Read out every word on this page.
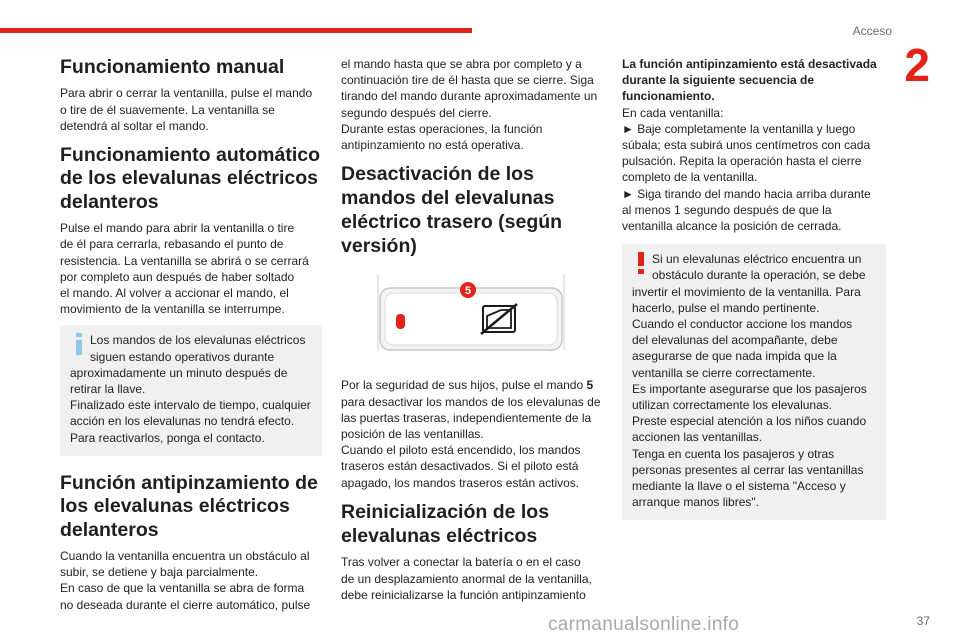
Acceso
2
Funcionamiento manual

Para abrir o cerrar la ventanilla, pulse el mando
o tire de él suavemente. La ventanilla se
detendrá al soltar el mando.

Funcionamiento automático de los elevalunas eléctricos delanteros

Pulse el mando para abrir la ventanilla o tire
de él para cerrarla, rebasando el punto de
resistencia. La ventanilla se abrirá o se cerrará
por completo aun después de haber soltado
el mando. Al volver a accionar el mando, el
movimiento de la ventanilla se interrumpe.

Los mandos de los elevalunas eléctricos
siguen estando operativos durante

aproximadamente un minuto después de
retirar la llave.
Finalizado este intervalo de tiempo, cualquier
acción en los elevalunas no tendrá efecto.
Para reactivarlos, ponga el contacto.

Función antipinzamiento de los elevalunas eléctricos delanteros

Cuando la ventanilla encuentra un obstáculo al
subir, se detiene y baja parcialmente.
En caso de que la ventanilla se abra de forma
no deseada durante el cierre automático, pulse

el mando hasta que se abra por completo y a
continuación tire de él hasta que se cierre. Siga
tirando del mando durante aproximadamente un
segundo después del cierre.
Durante estas operaciones, la función
antipinzamiento no está operativa.

Desactivación de los mandos del elevalunas eléctrico trasero (según versión)
5

Por la seguridad de sus hijos, pulse el mando 5
para desactivar los mandos de los elevalunas de
las puertas traseras, independientemente de la
posición de las ventanillas.
Cuando el piloto está encendido, los mandos
traseros están desactivados. Si el piloto está
apagado, los mandos traseros están activos.

Reinicialización de los elevalunas eléctricos

Tras volver a conectar la batería o en el caso
de un desplazamiento anormal de la ventanilla,
debe reinicializarse la función antipinzamiento

La función antipinzamiento está desactivada
durante la siguiente secuencia de
funcionamiento.

En cada ventanilla:
► Baje completamente la ventanilla y luego
súbala; esta subirá unos centímetros con cada
pulsación. Repita la operación hasta el cierre
completo de la ventanilla.
► Siga tirando del mando hacia arriba durante
al menos 1 segundo después de que la
ventanilla alcance la posición de cerrada.

Si un elevalunas eléctrico encuentra un
obstáculo durante la operación, se debe

invertir el movimiento de la ventanilla. Para
hacerlo, pulse el mando pertinente.
Cuando el conductor accione los mandos
del elevalunas del acompañante, debe
asegurarse de que nada impida que la
ventanilla se cierre correctamente.
Es importante asegurarse que los pasajeros
utilizan correctamente los elevalunas.
Preste especial atención a los niños cuando
accionen las ventanillas.
Tenga en cuenta los pasajeros y otras
personas presentes al cerrar las ventanillas
mediante la llave o el sistema "Acceso y
arranque manos libres".

carmanualsonline.info	37
